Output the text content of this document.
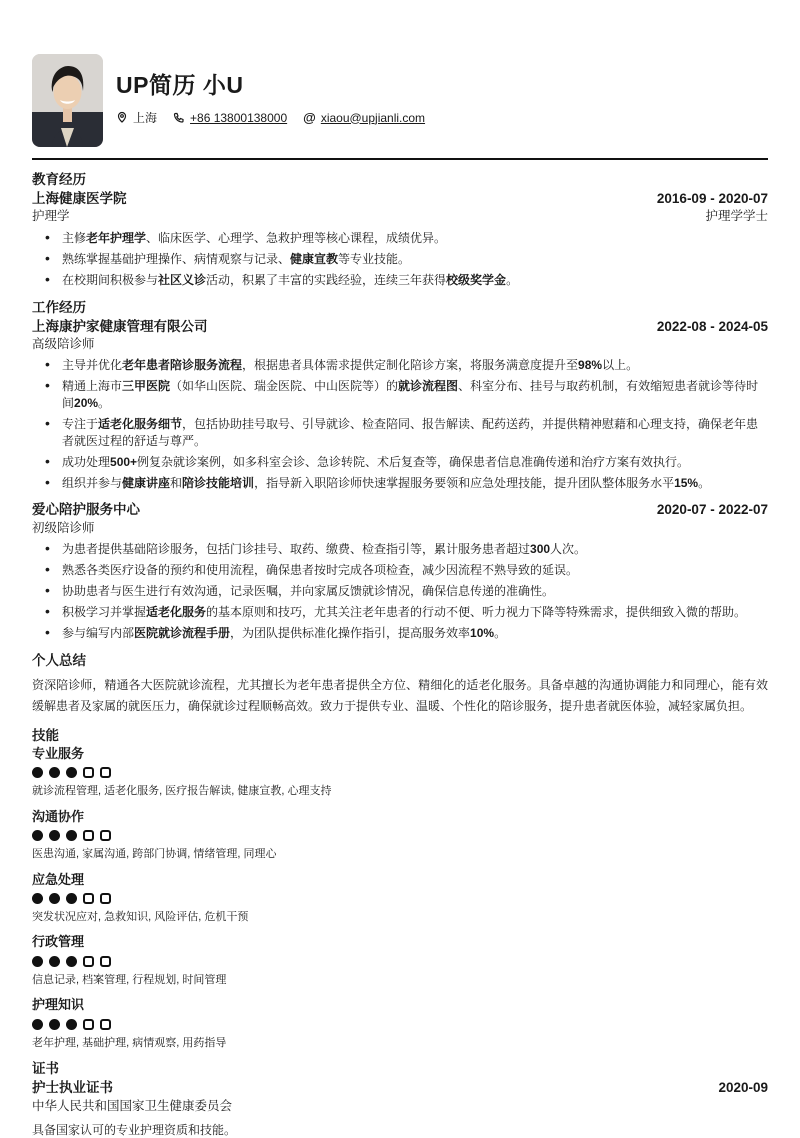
UP简历 小U
上海	+86 13800138000 @ xiaou@upjianli.com
教育经历
上海健康医学院	2016-09 - 2020-07
护理学	护理学学士
• 主修老年护理学、临床医学、心理学、急救护理等核心课程，成绩优异。
• 熟练掌握基础护理操作、病情观察与记录、健康宣教等专业技能。
• 在校期间积极参与社区义诊活动，积累了丰富的实践经验，连续三年获得校级奖学金。
工作经历
上海康护家健康管理有限公司	2022-08 - 2024-05
高级陪诊师
• 主导并优化老年患者陪诊服务流程，根据患者具体需求提供定制化陪诊方案，将服务满意度提升至98%以上。
• 精通上海市三甲医院（如华山医院、瑞金医院、中山医院等）的就诊流程图、科室分布、挂号与取药机制，有效缩短患者就诊等待时间20%。
• 专注于适老化服务细节，包括协助挂号取号、引导就诊、检查陪同、报告解读、配药送药，并提供精神慰藉和心理支持，确保老年患者就医过程的舒适与尊严。
• 成功处理500+例复杂就诊案例，如多科室会诊、急诊转院、术后复查等，确保患者信息准确传递和治疗方案有效执行。
• 组织并参与健康讲座和陪诊技能培训，指导新入职陪诊师快速掌握服务要领和应急处理技能，提升团队整体服务水平15%。
爱心陪护服务中心	2020-07 - 2022-07
初级陪诊师
• 为患者提供基础陪诊服务，包括门诊挂号、取药、缴费、检查指引等，累计服务患者超过300人次。
• 熟悉各类医疗设备的预约和使用流程，确保患者按时完成各项检查，减少因流程不熟导致的延误。
• 协助患者与医生进行有效沟通，记录医嘱，并向家属反馈就诊情况，确保信息传递的准确性。
• 积极学习并掌握适老化服务的基本原则和技巧，尤其关注老年患者的行动不便、听力视力下降等特殊需求，提供细致入微的帮助。
• 参与编写内部医院就诊流程手册，为团队提供标准化操作指引，提高服务效率10%。
个人总结

资深陪诊师，精通各大医院就诊流程，尤其擅长为老年患者提供全方位、精细化的适老化服务。具备卓越的沟通协调能力和同理心，能有效缓解患者及家属的就医压力，确保就诊过程顺畅高效。致力于提供专业、温暖、个性化的陪诊服务，提升患者就医体验，减轻家属负担。

技能
专业服务
就诊流程管理, 适老化服务, 医疗报告解读, 健康宣教, 心理支持
沟通协作
医患沟通, 家属沟通, 跨部门协调, 情绪管理, 同理心
应急处理
突发状况应对, 急救知识, 风险评估, 危机干预
行政管理
信息记录, 档案管理, 行程规划, 时间管理
护理知识
老年护理, 基础护理, 病情观察, 用药指导
证书
护士执业证书	2020-09
中华人民共和国国家卫生健康委员会

具备国家认可的专业护理资质和技能。
